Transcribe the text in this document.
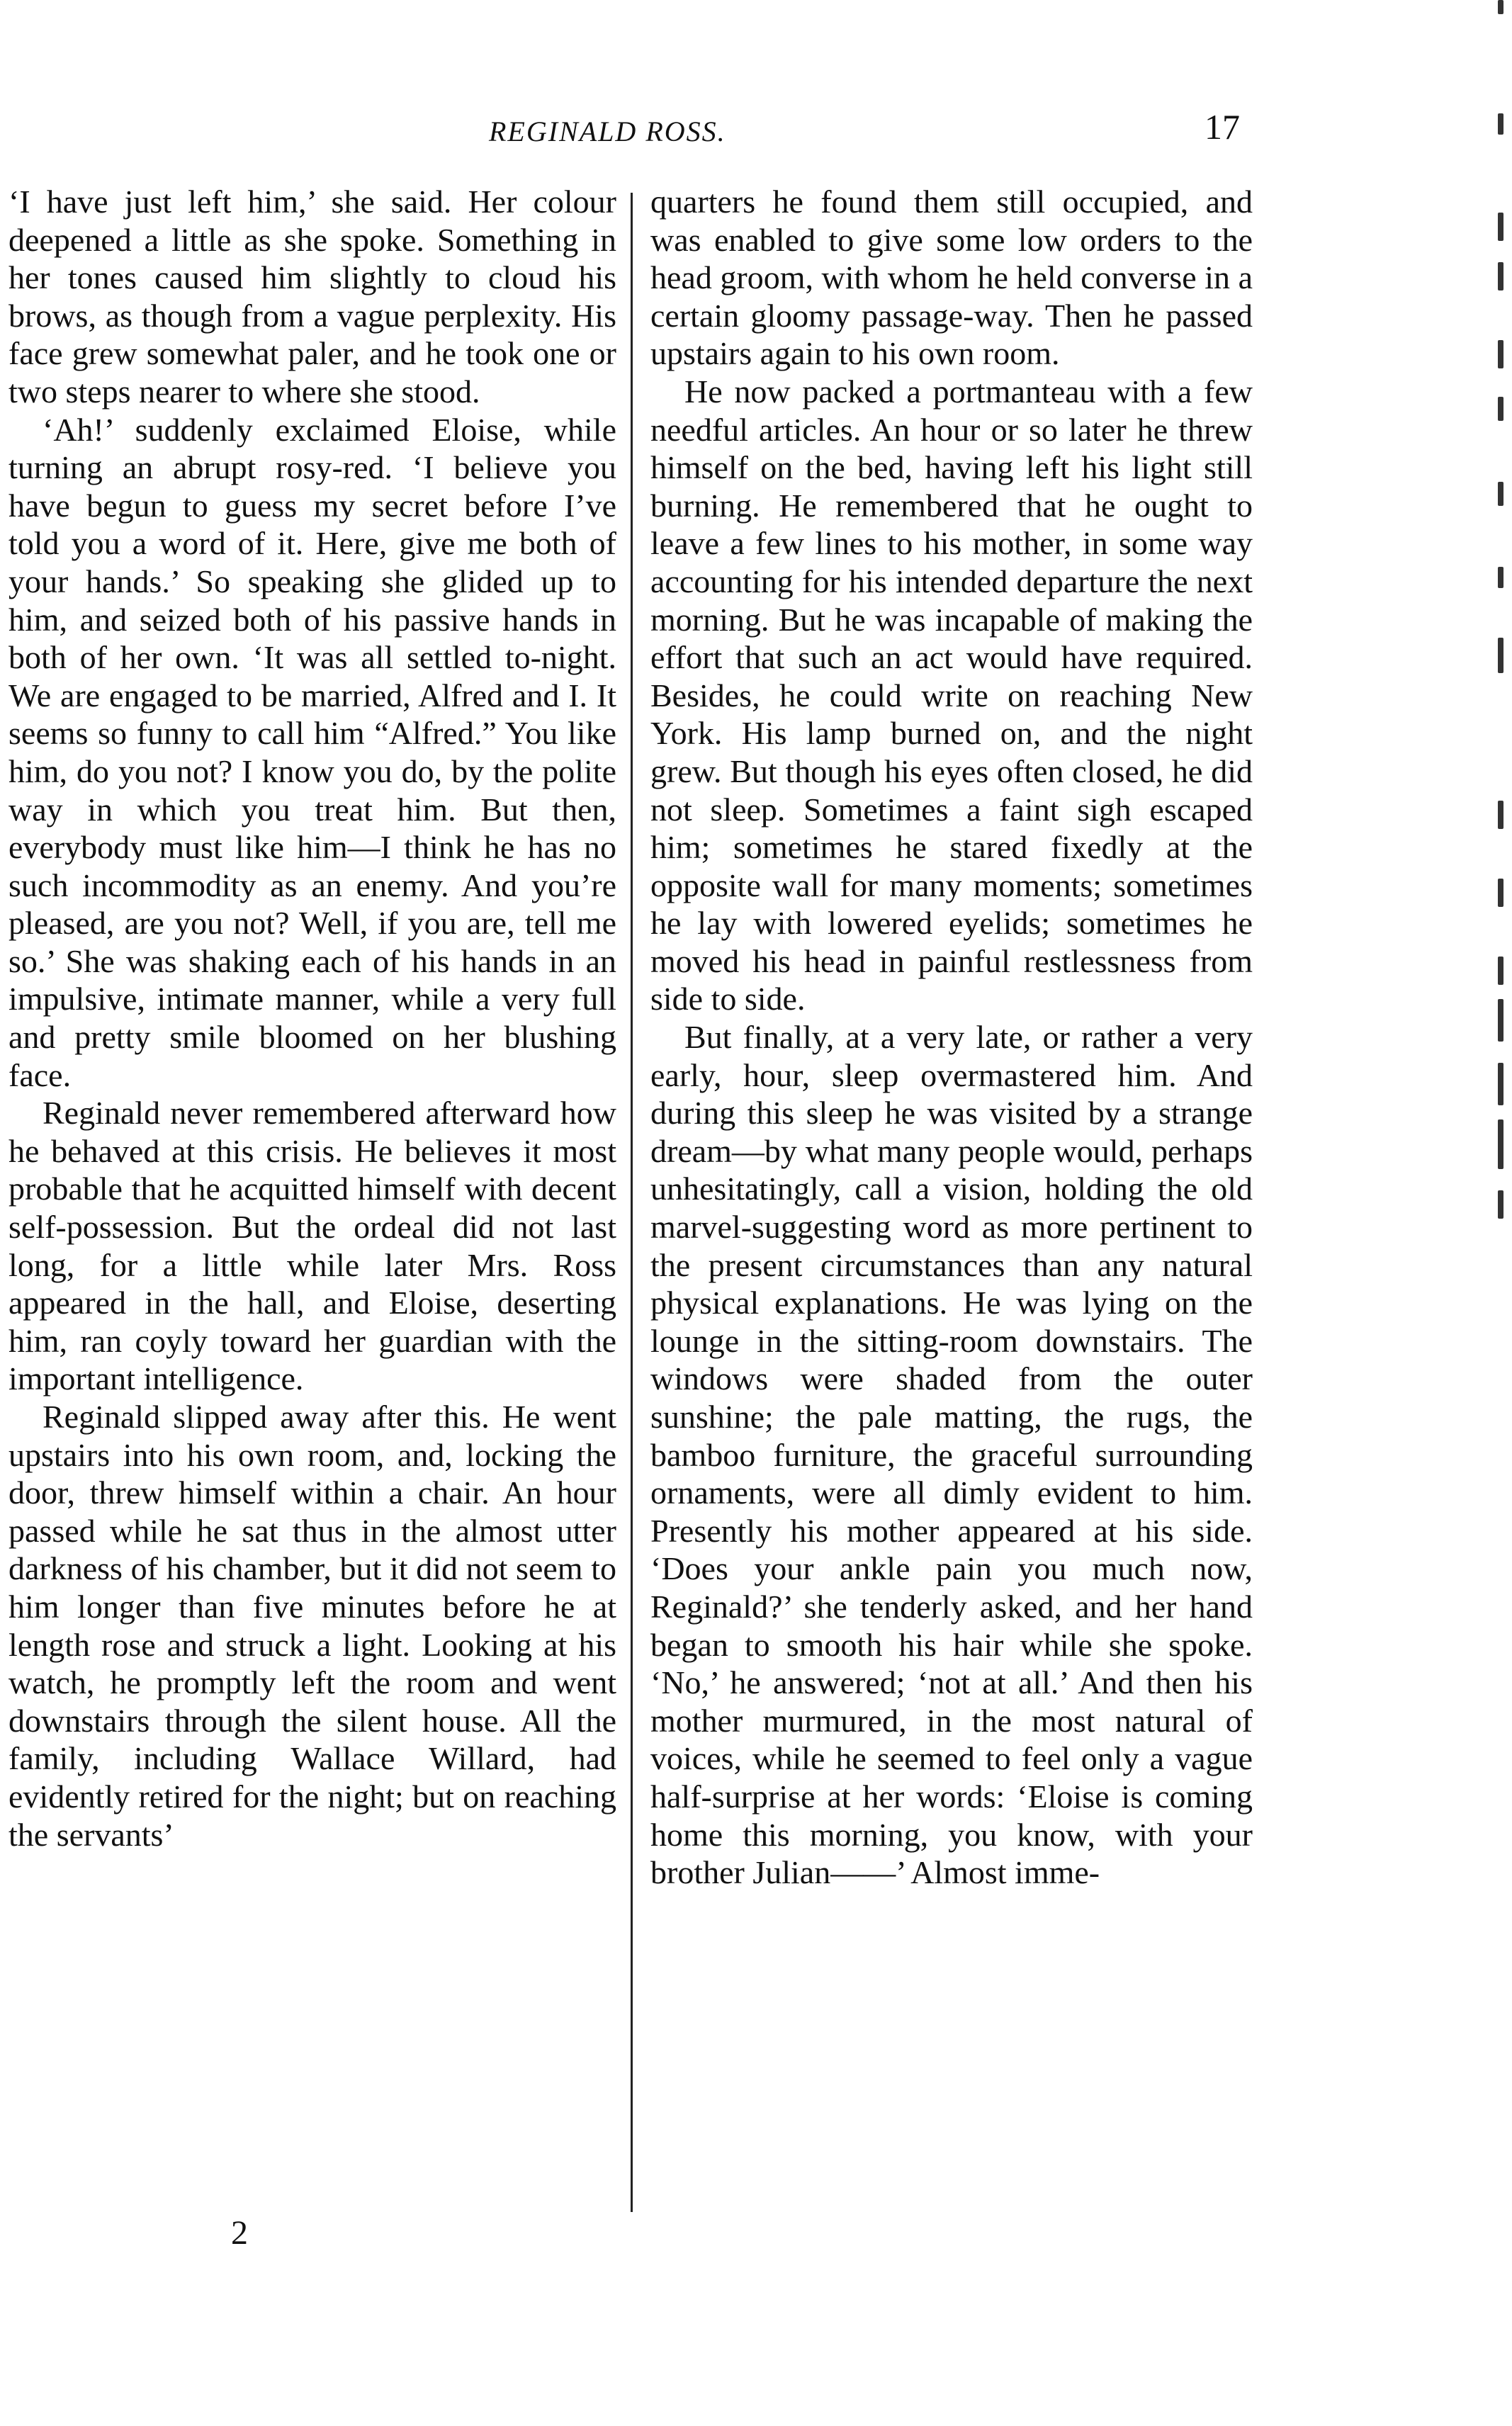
REGINALD ROSS.	17

‘I have just left him,’ she said. Her colour deepened a little as she spoke. Something in her tones caused him slightly to cloud his brows, as though from a vague perplexity. His face grew somewhat paler, and he took one or two steps nearer to where she stood.

‘Ah!’ suddenly exclaimed Eloise, while turning an abrupt rosy-red. ‘I believe you have begun to guess my secret before I’ve told you a word of it. Here, give me both of your hands.’ So speaking she glided up to him, and seized both of his passive hands in both of her own. ‘It was all settled to-night. We are engaged to be married, Alfred and I. It seems so funny to call him “Alfred.” You like him, do you not? I know you do, by the polite way in which you treat him. But then, everybody must like him—I think he has no such incommodity as an enemy. And you’re pleased, are you not? Well, if you are, tell me so.’ She was shaking each of his hands in an impulsive, intimate manner, while a very full and pretty smile bloomed on her blushing face.

Reginald never remembered afterward how he behaved at this crisis. He believes it most probable that he acquitted himself with decent self-possession. But the ordeal did not last long, for a little while later Mrs. Ross appeared in the hall, and Eloise, deserting him, ran coyly toward her guardian with the important intelligence.

Reginald slipped away after this. He went upstairs into his own room, and, locking the door, threw himself within a chair. An hour passed while he sat thus in the almost utter darkness of his chamber, but it did not seem to him longer than five minutes before he at length rose and struck a light. Looking at his watch, he promptly left the room and went downstairs through the silent house. All the family, including Wallace Willard, had evidently retired for the night; but on reaching the servants’

quarters he found them still occupied, and was enabled to give some low orders to the head groom, with whom he held converse in a certain gloomy passage-way. Then he passed upstairs again to his own room.

He now packed a portmanteau with a few needful articles. An hour or so later he threw himself on the bed, having left his light still burning. He remembered that he ought to leave a few lines to his mother, in some way accounting for his intended departure the next morning. But he was incapable of making the effort that such an act would have required. Besides, he could write on reaching New York. His lamp burned on, and the night grew. But though his eyes often closed, he did not sleep. Sometimes a faint sigh escaped him; sometimes he stared fixedly at the opposite wall for many moments; sometimes he lay with lowered eyelids; sometimes he moved his head in painful restlessness from side to side.

But finally, at a very late, or rather a very early, hour, sleep overmastered him. And during this sleep he was visited by a strange dream—by what many people would, perhaps unhesitatingly, call a vision, holding the old marvel-suggesting word as more pertinent to the present circumstances than any natural physical explanations. He was lying on the lounge in the sitting-room downstairs. The windows were shaded from the outer sunshine; the pale matting, the rugs, the bamboo furniture, the graceful surrounding ornaments, were all dimly evident to him. Presently his mother appeared at his side. ‘Does your ankle pain you much now, Reginald?’ she tenderly asked, and her hand began to smooth his hair while she spoke. ‘No,’ he answered; ‘not at all.’ And then his mother murmured, in the most natural of voices, while he seemed to feel only a vague half-surprise at her words: ‘Eloise is coming home this morning, you know, with your brother Julian——’ Almost imme-

2
